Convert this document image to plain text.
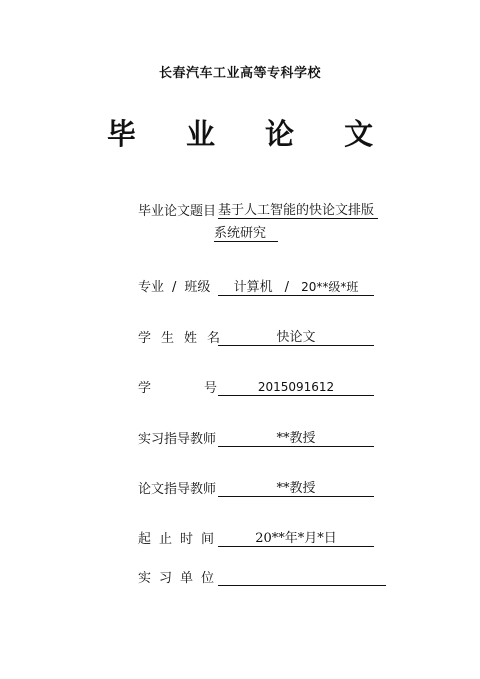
长春汽车工业高等专科学校
毕 业 论 文
毕业论文题目 基于人工智能的快论文排版
系统研究
专业 / 班级 计算机 / 20**级*班
学生姓名	快论文
学号2015091612
实习指导教师	**教授
论文指导教师	**教授
起止时间	20**年*月*日
实习单位
